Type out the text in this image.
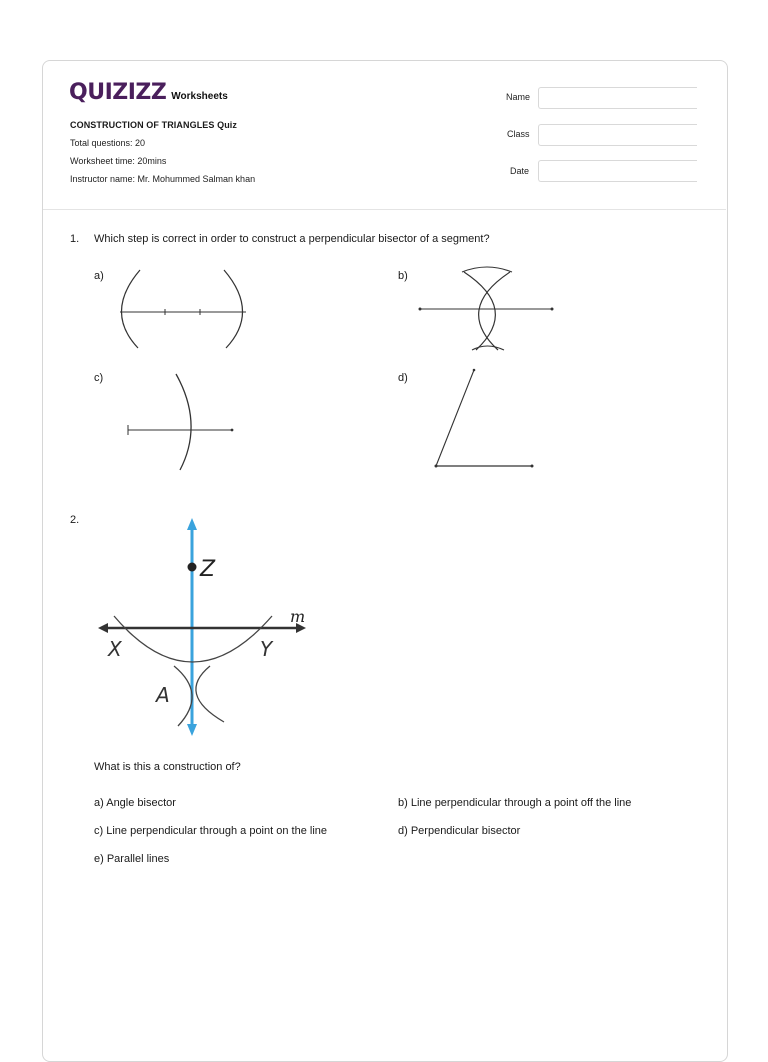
QUIZIZZ Worksheets
CONSTRUCTION OF TRIANGLES Quiz
Total questions: 20
Worksheet time: 20mins
Instructor name: Mr. Mohummed Salman khan
Name
Class
Date
1. Which step is correct in order to construct a perpendicular bisector of a segment?
a)	b)
c)	d)
2.
Z
m
X	Y
A
What is this a construction of?
a) Angle bisector	b) Line perpendicular through a point off the line
c) Line perpendicular through a point on the line	d) Perpendicular bisector
e) Parallel lines
